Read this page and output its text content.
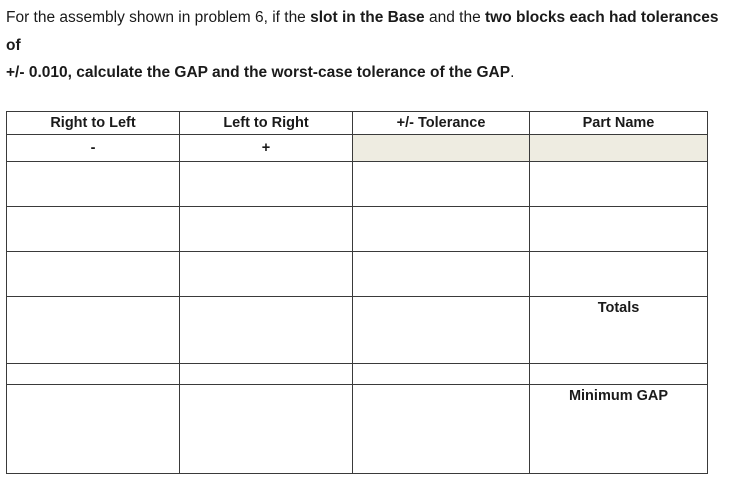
For the assembly shown in problem 6, if the slot in the Base and the two blocks each had tolerances of
+/- 0.010, calculate the GAP and the worst-case tolerance of the GAP.
Right to Left	Left to Right	+/- Tolerance	Part Name
-	+		

			Totals

			Minimum GAP
